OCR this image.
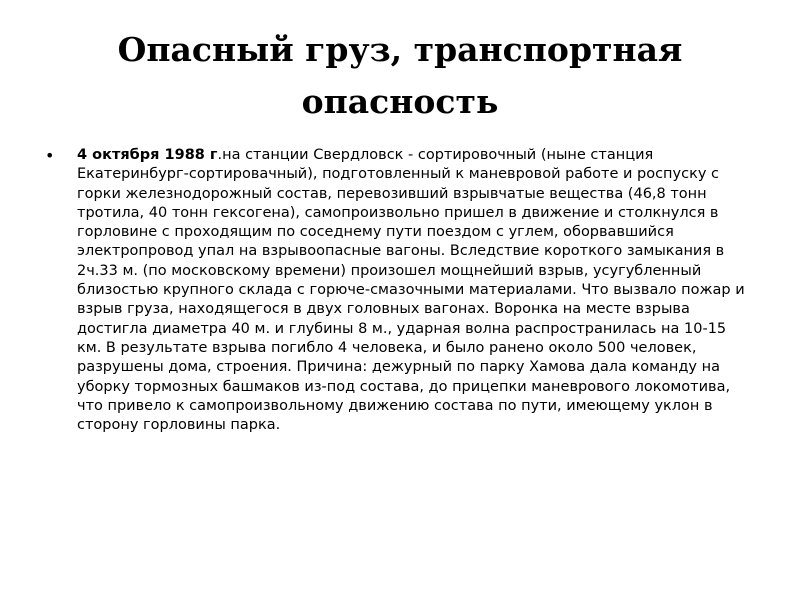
Опасный груз, транспортная
опасность

•	4 октября 1988 г.на станции Свердловск - сортировочный (ныне станция Екатеринбург-сортировачный), подготовленный к маневровой работе и роспуску с горки железнодорожный состав, перевозивший взрывчатые вещества (46,8 тонн тротила, 40 тонн гексогена), самопроизвольно пришел в движение и столкнулся в горловине с проходящим по соседнему пути поездом с углем, оборвавшийся электропровод упал на взрывоопасные вагоны. Вследствие короткого замыкания в 2ч.33 м. (по московскому времени) произошел мощнейший взрыв, усугубленный близостью крупного склада с горюче-смазочными материалами. Что вызвало пожар и взрыв груза, находящегося в двух головных вагонах. Воронка на месте взрыва достигла диаметра 40 м. и глубины 8 м., ударная волна распространилась на 10-15 км. В результате взрыва погибло 4 человека, и было ранено около 500 человек, разрушены дома, строения. Причина: дежурный по парку Хамова дала команду на уборку тормозных башмаков из-под состава, до прицепки маневрового локомотива, что привело к самопроизвольному движению состава по пути, имеющему уклон в сторону горловины парка.
